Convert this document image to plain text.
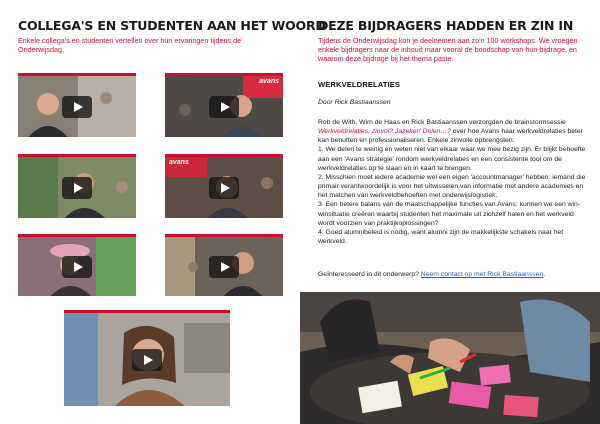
COLLEGA'S EN STUDENTEN AAN HET WOORD
Enkele collega's en studenten vertellen over hun ervaringen tijdens de Onderwijsdag.
avans
avans
DEZE BIJDRAGERS HADDEN ER ZIN IN
Tijdens de Onderwijsdag kon je deelnemen aan zo'n 100 workshops. We vroegen enkele bijdragers naar de inhoud maar vooral de boodschap van hun bijdrage, en waarom deze bijdrage bij het thema paste.
WERKVELDRELATIES
Door Rick Bastiaanssen

Rob de With, Wim de Haas en Rick Bastiaanssen verzorgden de brainstormsessie Werkveldrelaties, zinvol? Jazeker! Delen…? over hoe Avans haar werkveldrelaties beter kan benutten en professionaliseren. Enkele zinvolle opbrengsten:

1. We delen te weinig en weten niet van elkaar waar we mee bezig zijn. Er blijkt behoefte aan een 'Avans strategie' rondom werkveldrelaties en een consistente tool om de werkveldrelaties op te slaan en in kaart te brengen.

2. Misschien moet iedere academie wel een eigen 'accountmanager' hebben: iemand die primair verantwoordelijk is voor het uitwisselen van informatie met andere academies en het matchen van werkveldbehoeften met onderwijslogistiek.

3. Een betere balans van de maatschappelijke functies van Avans: kunnen we een win-winsituatie creëren waarbij studenten het maximale uit zichzelf halen en het werkveld wordt voorzien van praktijkoplossingen?

4. Goed alumnibeleid is nodig, want alumni zijn de makkelijkste schakels naar het werkveld.

Geïnteresseerd in dit onderwerp? Neem contact op met Rick Bastiaanssen.
